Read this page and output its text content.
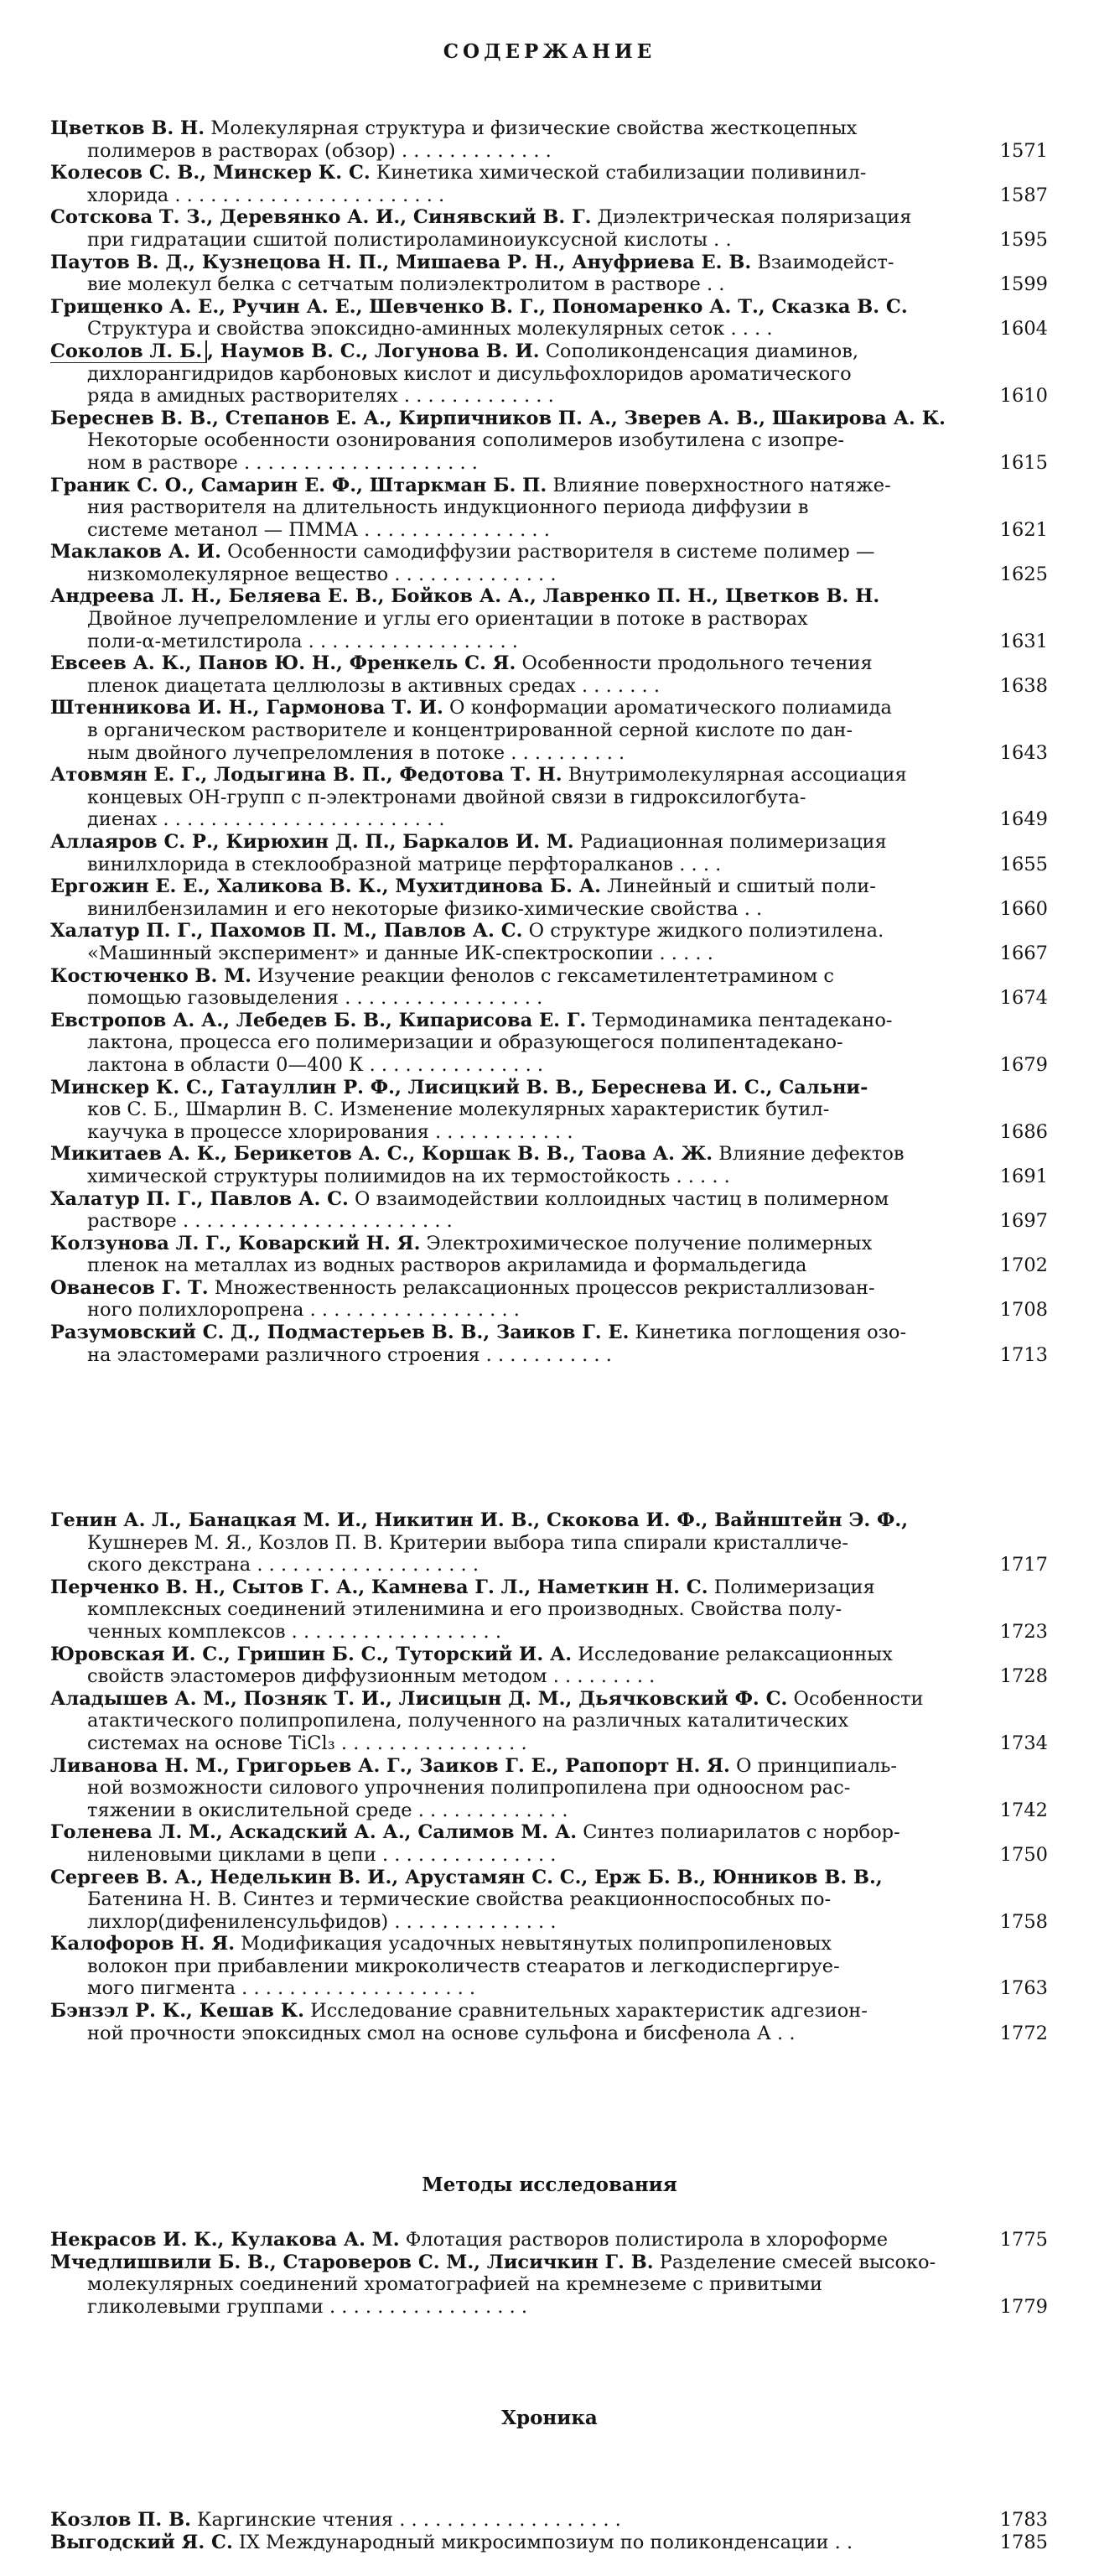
СОДЕРЖАНИЕ
Цветков В. Н. Молекулярная структура и физические свойства жесткоцепных
полимеров в растворах (обзор) . . . . . . . . . . . . .	1571
Колесов С. В., Минскер К. С. Кинетика химической стабилизации поливинил-
хлорида . . . . . . . . . . . . . . . . . . . . . . .	1587
Сотскова Т. З., Деревянко А. И., Синявский В. Г. Диэлектрическая поляризация
при гидратации сшитой полистироламиноиуксусной кислоты . .	1595
Паутов В. Д., Кузнецова Н. П., Мишаева Р. Н., Ануфриева Е. В. Взаимодейст-
вие молекул белка с сетчатым полиэлектролитом в растворе . .	1599
Грищенко А. Е., Ручин А. Е., Шевченко В. Г., Пономаренко А. Т., Сказка В. С.
Структура и свойства эпоксидно-аминных молекулярных сеток . . . .	1604
Соколов Л. Б. , Наумов В. С., Логунова В. И. Сополиконденсация диаминов,
дихлорангидридов карбоновых кислот и дисульфохлоридов ароматического
ряда в амидных растворителях . . . . . . . . . . . . .	1610
Береснев В. В., Степанов Е. А., Кирпичников П. А., Зверев А. В., Шакирова А. К.
Некоторые особенности озонирования сополимеров изобутилена с изопре-
ном в растворе . . . . . . . . . . . . . . . . . . . .	1615
Граник С. О., Самарин Е. Ф., Штаркман Б. П. Влияние поверхностного натяже-
ния растворителя на длительность индукционного периода диффузии в
системе метанол — ПММА . . . . . . . . . . . . . . . .	1621
Маклаков А. И. Особенности самодиффузии растворителя в системе полимер —
низкомолекулярное вещество . . . . . . . . . . . . . .	1625
Андреева Л. Н., Беляева Е. В., Бойков А. А., Лавренко П. Н., Цветков В. Н.
Двойное лучепреломление и углы его ориентации в потоке в растворах
поли-α-метилстирола . . . . . . . . . . . . . . . . . .	1631
Евсеев А. К., Панов Ю. Н., Френкель С. Я. Особенности продольного течения
пленок диацетата целлюлозы в активных средах . . . . . . .	1638
Штенникова И. Н., Гармонова Т. И. О конформации ароматического полиамида
в органическом растворителе и концентрированной серной кислоте по дан-
ным двойного лучепреломления в потоке . . . . . . . . . .	1643
Атовмян Е. Г., Лодыгина В. П., Федотова Т. Н. Внутримолекулярная ассоциация
концевых ОН-групп с π-электронами двойной связи в гидроксилогбута-
диенах . . . . . . . . . . . . . . . . . . . . . . . .	1649
Аллаяров С. Р., Кирюхин Д. П., Баркалов И. М. Радиационная полимеризация
винилхлорида в стеклообразной матрице перфторалканов . . . .	1655
Ергожин Е. Е., Халикова В. К., Мухитдинова Б. А. Линейный и сшитый поли-
винилбензиламин и его некоторые физико-химические свойства . .	1660
Халатур П. Г., Пахомов П. М., Павлов А. С. О структуре жидкого полиэтилена.
«Машинный эксперимент» и данные ИК-спектроскопии . . . . .	1667
Костюченко В. М. Изучение реакции фенолов с гексаметилентетрамином с
помощью газовыделения . . . . . . . . . . . . . . . . .	1674
Евстропов А. А., Лебедев Б. В., Кипарисова Е. Г. Термодинамика пентадекано-
лактона, процесса его полимеризации и образующегося полипентадекано-
лактона в области 0—400 К . . . . . . . . . . . . . . .	1679
Минскер К. С., Гатауллин Р. Ф., Лисицкий В. В., Береснева И. С., Сальни-
ков С. Б., Шмарлин В. С. Изменение молекулярных характеристик бутил-
каучука в процессе хлорирования . . . . . . . . . . . .	1686
Микитаев А. К., Берикетов А. С., Коршак В. В., Таова А. Ж. Влияние дефектов
химической структуры полиимидов на их термостойкость . . . . .	1691
Халатур П. Г., Павлов А. С. О взаимодействии коллоидных частиц в полимерном
растворе . . . . . . . . . . . . . . . . . . . . . . .	1697
Колзунова Л. Г., Коварский Н. Я. Электрохимическое получение полимерных
пленок на металлах из водных растворов акриламида и формальдегида	1702
Ованесов Г. Т. Множественность релаксационных процессов рекристаллизован-
ного полихлоропрена . . . . . . . . . . . . . . . . . .	1708
Разумовский С. Д., Подмастерьев В. В., Заиков Г. Е. Кинетика поглощения озо-
на эластомерами различного строения . . . . . . . . . . .	1713
Генин А. Л., Банацкая М. И., Никитин И. В., Скокова И. Ф., Вайнштейн Э. Ф.,
Кушнерев М. Я., Козлов П. В. Критерии выбора типа спирали кристалличе-
ского декстрана . . . . . . . . . . . . . . . . . . .	1717
Перченко В. Н., Сытов Г. А., Камнева Г. Л., Наметкин Н. С. Полимеризация
комплексных соединений этиленимина и его производных. Свойства полу-
ченных комплексов . . . . . . . . . . . . . . . . . .	1723
Юровская И. С., Гришин Б. С., Туторский И. А. Исследование релаксационных
свойств эластомеров диффузионным методом . . . . . . . . .	1728
Аладышев А. М., Позняк Т. И., Лисицын Д. М., Дьячковский Ф. С. Особенности
атактического полипропилена, полученного на различных каталитических
системах на основе TiCl₃ . . . . . . . . . . . . . . . .	1734
Ливанова Н. М., Григорьев А. Г., Заиков Г. Е., Рапопорт Н. Я. О принципиаль-
ной возможности силового упрочнения полипропилена при одноосном рас-
тяжении в окислительной среде . . . . . . . . . . . . .	1742
Голенева Л. М., Аскадский А. А., Салимов М. А. Синтез полиарилатов с норбор-
ниленовыми циклами в цепи . . . . . . . . . . . . . . .	1750
Сергеев В. А., Неделькин В. И., Арустамян С. С., Ерж Б. В., Юнников В. В.,
Батенина Н. В. Синтез и термические свойства реакционноспособных по-
лихлор(дифениленсульфидов) . . . . . . . . . . . . . .	1758
Калофоров Н. Я. Модификация усадочных невытянутых полипропиленовых
волокон при прибавлении микроколичеств стеаратов и легкодиспергируе-
мого пигмента . . . . . . . . . . . . . . . . . . . .	1763
Бэнзэл Р. К., Кешав К. Исследование сравнительных характеристик адгезион-
ной прочности эпоксидных смол на основе сульфона и бисфенола А . .	1772
Методы исследования
Некрасов И. К., Кулакова А. М. Флотация растворов полистирола в хлороформе	1775
Мчедлишвили Б. В., Староверов С. М., Лисичкин Г. В. Разделение смесей высоко-
молекулярных соединений хроматографией на кремнеземе с привитыми
гликолевыми группами . . . . . . . . . . . . . . . . .	1779
Хроника
Козлов П. В. Каргинские чтения . . . . . . . . . . . . . . . . . . .	1783
Выгодский Я. С. IX Международный микросимпозиум по поликонденсации . .	1785
